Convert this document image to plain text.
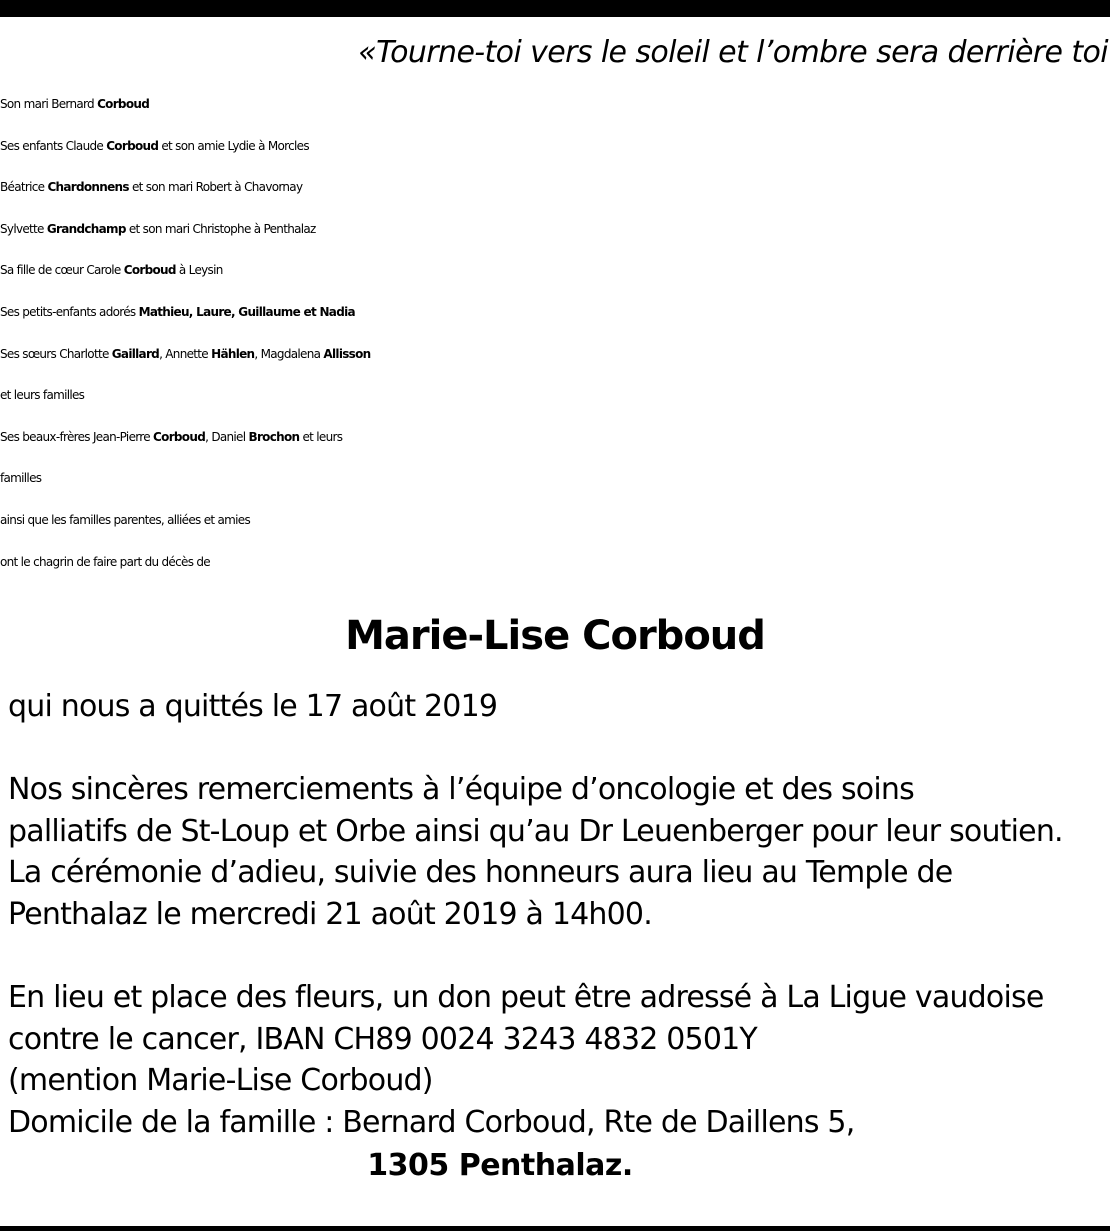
«Tourne-toi vers le soleil et l’ombre sera derrière toi
Son mari Bernard Corboud
Ses enfants Claude Corboud et son amie Lydie à Morcles
Béatrice Chardonnens et son mari Robert à Chavornay
Sylvette Grandchamp et son mari Christophe à Penthalaz
Sa fille de cœur Carole Corboud à Leysin
Ses petits-enfants adorés Mathieu, Laure, Guillaume et Nadia
Ses sœurs Charlotte Gaillard, Annette Hählen, Magdalena Allisson
et leurs familles
Ses beaux-frères Jean-Pierre Corboud, Daniel Brochon et leurs
familles
ainsi que les familles parentes, alliées et amies
ont le chagrin de faire part du décès de
Marie-Lise Corboud
qui nous a quittés le 17 août 2019
Nos sincères remerciements à l’équipe d’oncologie et des soins
palliatifs de St-Loup et Orbe ainsi qu’au Dr Leuenberger pour leur soutien.
La cérémonie d’adieu, suivie des honneurs aura lieu au Temple de
Penthalaz le mercredi 21 août 2019 à 14h00.
En lieu et place des fleurs, un don peut être adressé à La Ligue vaudoise
contre le cancer, IBAN CH89 0024 3243 4832 0501Y
(mention Marie-Lise Corboud)
Domicile de la famille : Bernard Corboud, Rte de Daillens 5,
1305 Penthalaz.
